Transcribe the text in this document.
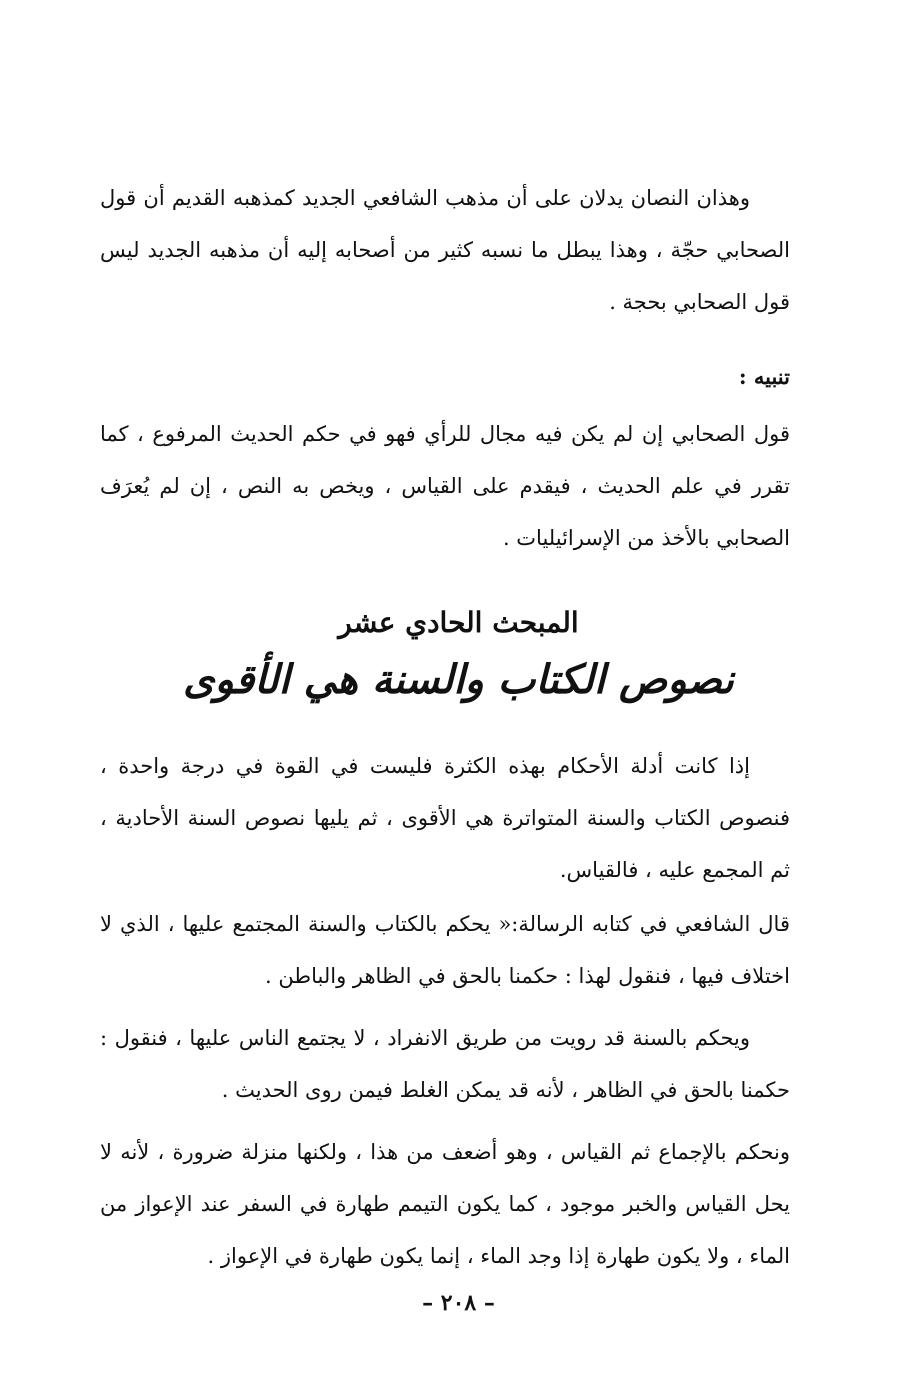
وهذان النصان يدلان على أن مذهب الشافعي الجديد كمذهبه القديم أن قول الصحابي حجّة ، وهذا يبطل ما نسبه كثير من أصحابه إليه أن مذهبه الجديد ليس قول الصحابي بحجة .

تنبيه :

قول الصحابي إن لم يكن فيه مجال للرأي فهو في حكم الحديث المرفوع ، كما تقرر في علم الحديث ، فيقدم على القياس ، ويخص به النص ، إن لم يُعرَف الصحابي بالأخذ من الإسرائيليات .

المبحث الحادي عشر
نصوص الكتاب والسنة هي الأقوى

إذا كانت أدلة الأحكام بهذه الكثرة فليست في القوة في درجة واحدة ، فنصوص الكتاب والسنة المتواترة هي الأقوى ، ثم يليها نصوص السنة الأحادية ، ثم المجمع عليه ، فالقياس.

قال الشافعي في كتابه الرسالة:« يحكم بالكتاب والسنة المجتمع عليها ، الذي لا اختلاف فيها ، فنقول لهذا : حكمنا بالحق في الظاهر والباطن .

ويحكم بالسنة قد رويت من طريق الانفراد ، لا يجتمع الناس عليها ، فنقول : حكمنا بالحق في الظاهر ، لأنه قد يمكن الغلط فيمن روى الحديث .

ونحكم بالإجماع ثم القياس ، وهو أضعف من هذا ، ولكنها منزلة ضرورة ، لأنه لا يحل القياس والخبر موجود ، كما يكون التيمم طهارة في السفر عند الإعواز من الماء ، ولا يكون طهارة إذا وجد الماء ، إنما يكون طهارة في الإعواز .

– ٢٠٨ –
